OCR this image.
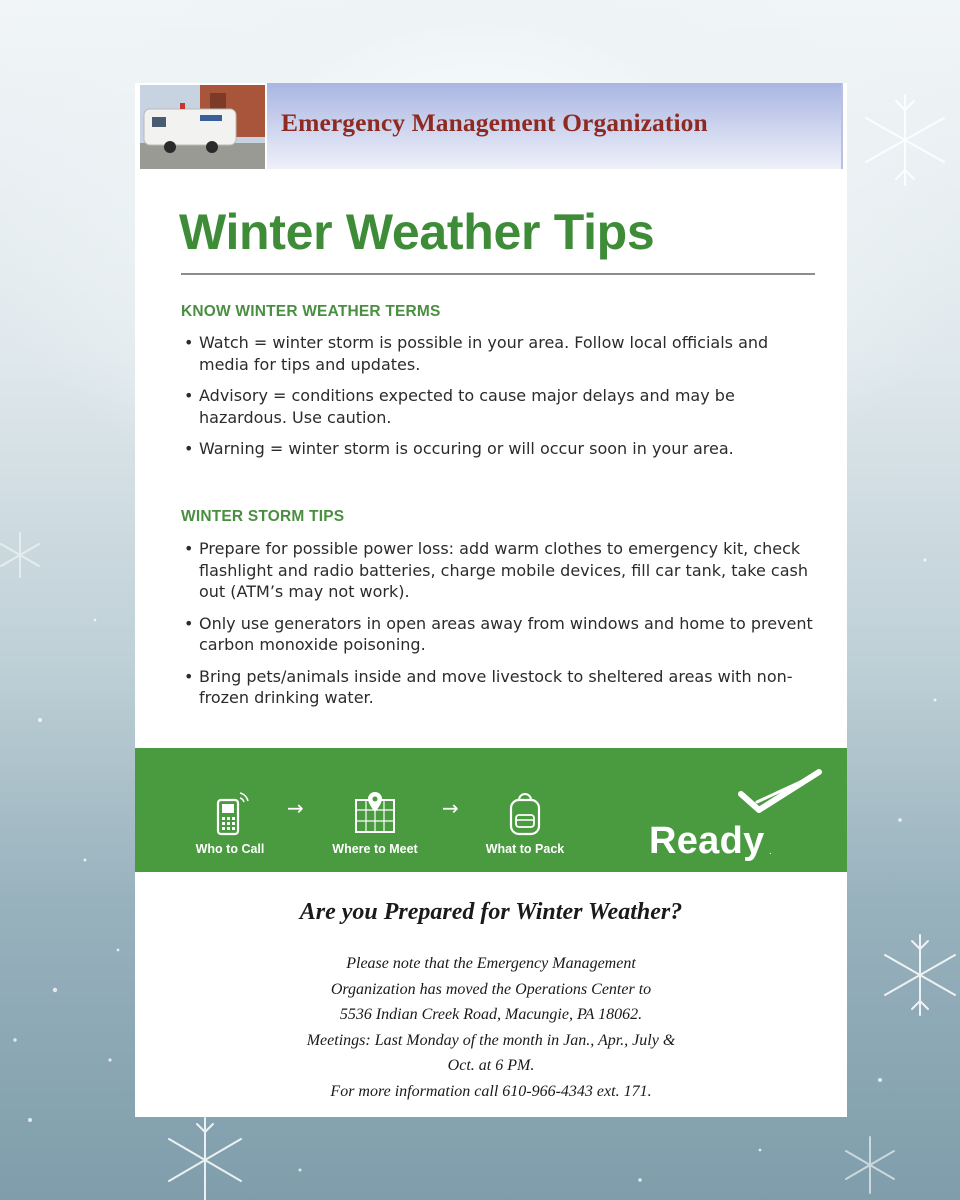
Emergency Management Organization
Winter Weather Tips
KNOW WINTER WEATHER TERMS
• Watch = winter storm is possible in your area. Follow local officials and media for tips and updates.
• Advisory = conditions expected to cause major delays and may be hazardous. Use caution.
• Warning = winter storm is occuring or will occur soon in your area.
WINTER STORM TIPS
• Prepare for possible power loss: add warm clothes to emergency kit, check flashlight and radio batteries, charge mobile devices, fill car tank, take cash out (ATM’s may not work).
• Only use generators in open areas away from windows and home to prevent carbon monoxide poisoning.
• Bring pets/animals inside and move livestock to sheltered areas with non-frozen drinking water.
Who to Call
→
Where to Meet
→
What to Pack	Ready .
Are you Prepared for Winter Weather?
Please note that the Emergency Management
Organization has moved the Operations Center to
5536 Indian Creek Road, Macungie, PA 18062.
Meetings: Last Monday of the month in Jan., Apr., July &
Oct. at 6 PM.
For more information call 610-966-4343 ext. 171.
